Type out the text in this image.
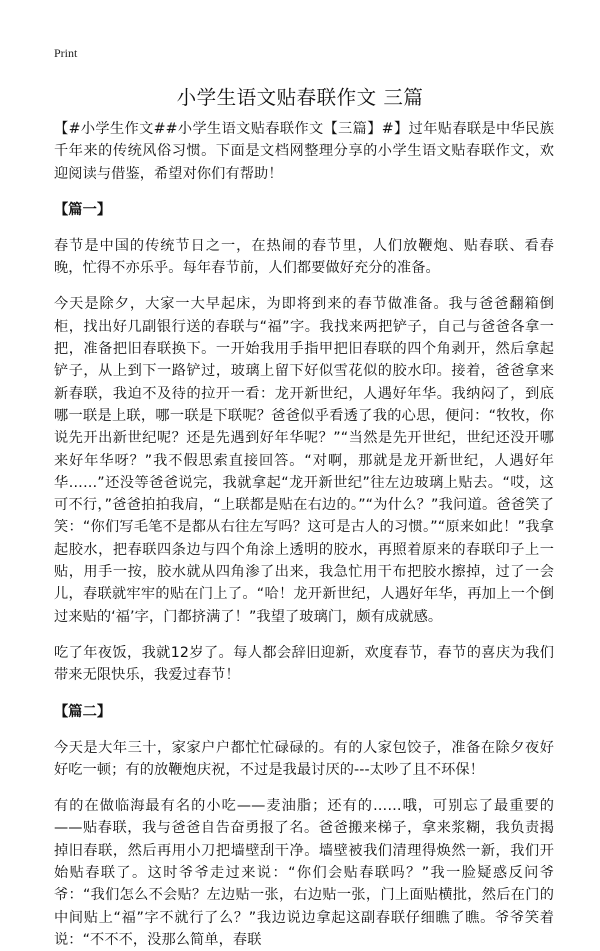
Print
小学生语文贴春联作文 三篇

【#小学生作文##小学生语文贴春联作文【三篇】#】过年贴春联是中华民族千年来的传统风俗习惯。下面是文档网整理分享的小学生语文贴春联作文，欢迎阅读与借鉴，希望对你们有帮助！

【篇一】

春节是中国的传统节日之一，在热闹的春节里，人们放鞭炮、贴春联、看春晚，忙得不亦乐乎。每年春节前，人们都要做好充分的准备。

今天是除夕，大家一大早起床，为即将到来的春节做准备。我与爸爸翻箱倒柜，找出好几副银行送的春联与“福”字。我找来两把铲子，自己与爸爸各拿一把，准备把旧春联换下。一开始我用手指甲把旧春联的四个角剥开，然后拿起铲子，从上到下一路铲过，玻璃上留下好似雪花似的胶水印。接着，爸爸拿来新春联，我迫不及待的拉开一看：龙开新世纪，人遇好年华。我纳闷了，到底哪一联是上联，哪一联是下联呢？爸爸似乎看透了我的心思，便问：“牧牧，你说先开出新世纪呢？还是先遇到好年华呢？”“当然是先开世纪，世纪还没开哪来好年华呀？”我不假思索直接回答。“对啊，那就是龙开新世纪，人遇好年华……”还没等爸爸说完，我就拿起“龙开新世纪”往左边玻璃上贴去。“哎，这可不行，”爸爸拍拍我肩，“上联都是贴在右边的。”“为什么？”我问道。爸爸笑了笑：“你们写毛笔不是都从右往左写吗？这可是古人的习惯。”“原来如此！”我拿起胶水，把春联四条边与四个角涂上透明的胶水，再照着原来的春联印子上一贴，用手一按，胶水就从四角渗了出来，我急忙用干布把胶水擦掉，过了一会儿，春联就牢牢的贴在门上了。“哈！龙开新世纪，人遇好年华，再加上一个倒过来贴的‘福’字，门都挤满了！”我望了玻璃门，颇有成就感。

吃了年夜饭，我就12岁了。每人都会辞旧迎新，欢度春节，春节的喜庆为我们带来无限快乐，我爱过春节！

【篇二】

今天是大年三十，家家户户都忙忙碌碌的。有的人家包饺子，准备在除夕夜好好吃一顿；有的放鞭炮庆祝，不过是我最讨厌的---太吵了且不环保！

有的在做临海最有名的小吃——麦油脂；还有的……哦，可别忘了最重要的——贴春联，我与爸爸自告奋勇报了名。爸爸搬来梯子，拿来浆糊，我负责揭掉旧春联，然后再用小刀把墙壁刮干净。墙壁被我们清理得焕然一新，我们开始贴春联了。这时爷爷走过来说：“你们会贴春联吗？”我一脸疑惑反问爷爷：“我们怎么不会贴？左边贴一张，右边贴一张，门上面贴横批，然后在门的中间贴上“福”字不就行了么？”我边说边拿起这副春联仔细瞧了瞧。爷爷笑着说：“不不不，没那么简单，春联
